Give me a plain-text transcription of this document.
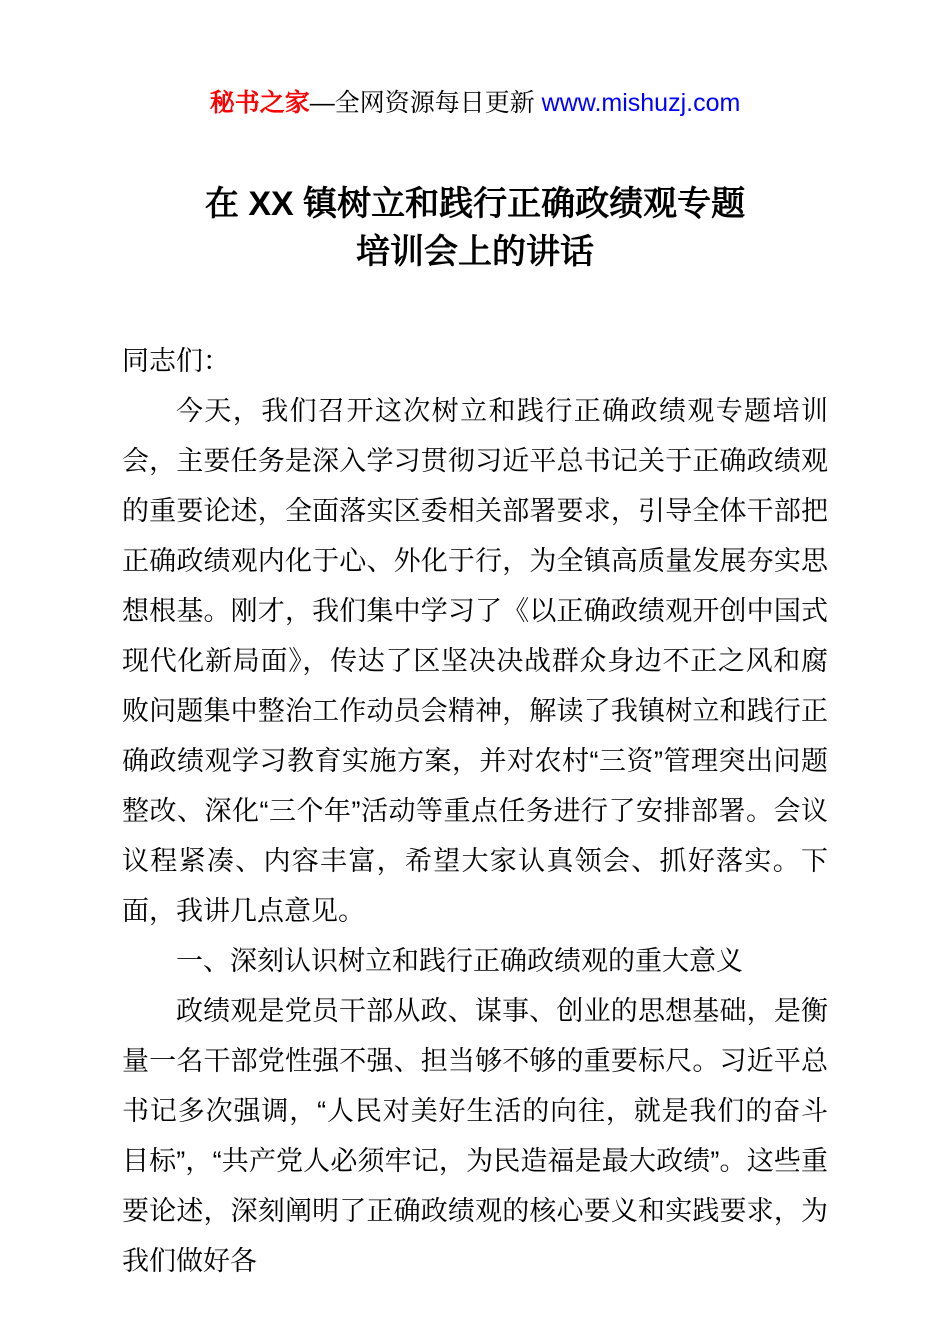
秘书之家—全网资源每日更新 www.mishuzj.com
在 XX 镇树立和践行正确政绩观专题
培训会上的讲话

同志们：

今天，我们召开这次树立和践行正确政绩观专题培训会，主要任务是深入学习贯彻习近平总书记关于正确政绩观的重要论述，全面落实区委相关部署要求，引导全体干部把正确政绩观内化于心、外化于行，为全镇高质量发展夯实思想根基。刚才，我们集中学习了《以正确政绩观开创中国式现代化新局面》，传达了区坚决决战群众身边不正之风和腐败问题集中整治工作动员会精神，解读了我镇树立和践行正确政绩观学习教育实施方案，并对农村“三资”管理突出问题整改、深化“三个年”活动等重点任务进行了安排部署。会议议程紧凑、内容丰富，希望大家认真领会、抓好落实。下面，我讲几点意见。

一、深刻认识树立和践行正确政绩观的重大意义

政绩观是党员干部从政、谋事、创业的思想基础，是衡量一名干部党性强不强、担当够不够的重要标尺。习近平总书记多次强调，“人民对美好生活的向往，就是我们的奋斗目标”，“共产党人必须牢记，为民造福是最大政绩”。这些重要论述，深刻阐明了正确政绩观的核心要义和实践要求，为我们做好各
